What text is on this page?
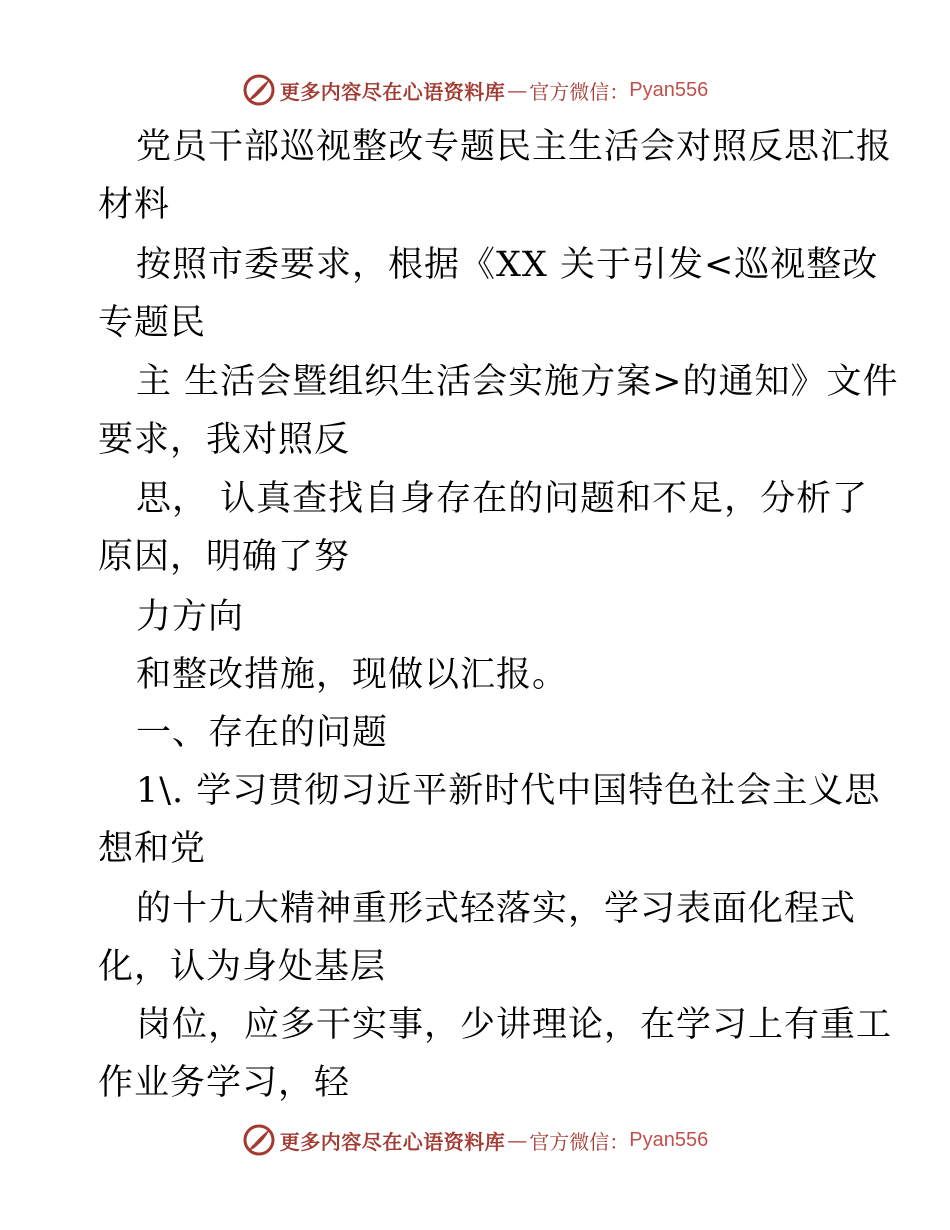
更多内容尽在心语资料库 — 官方微信： Pyan556
党员干部巡视整改专题民主生活会对照反思汇报
材料
按照市委要求，根据《XX 关于引发<巡视整改
专题民
主 生活会暨组织生活会实施方案>的通知》文件
要求，我对照反
思， 认真查找自身存在的问题和不足，分析了
原因，明确了努
力方向
和整改措施，现做以汇报。
一、存在的问题
1\. 学习贯彻习近平新时代中国特色社会主义思
想和党
的十九大精神重形式轻落实，学习表面化程式
化，认为身处基层
岗位，应多干实事，少讲理论，在学习上有重工
作业务学习，轻
更多内容尽在心语资料库 — 官方微信： Pyan556
